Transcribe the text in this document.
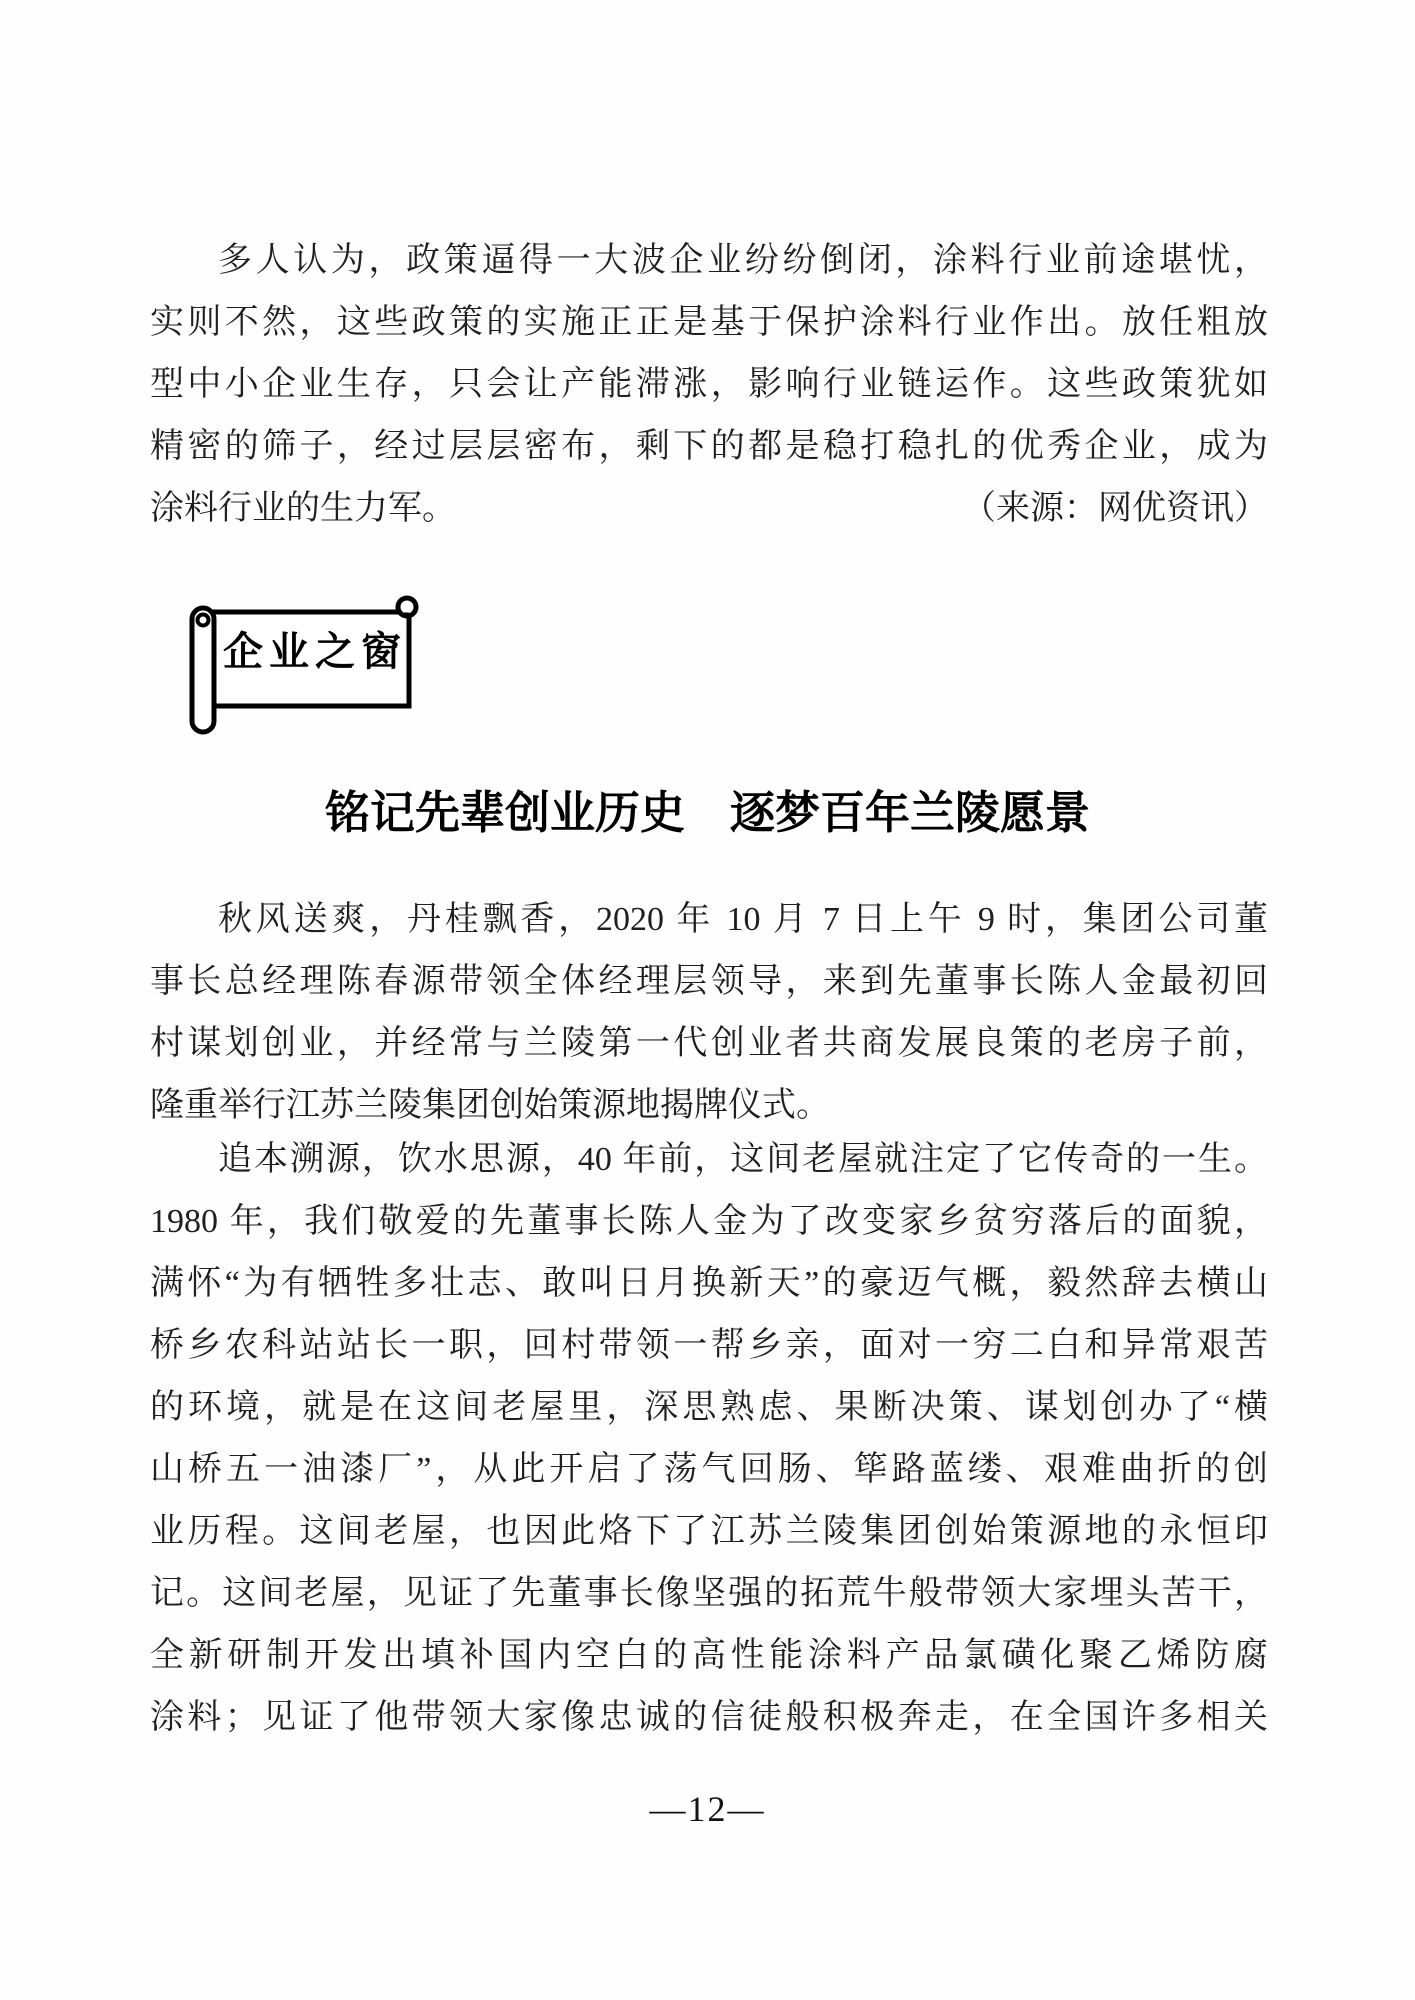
多人认为，政策逼得一大波企业纷纷倒闭，涂料行业前途堪忧，
实则不然，这些政策的实施正正是基于保护涂料行业作出。放任粗放
型中小企业生存，只会让产能滞涨，影响行业链运作。这些政策犹如
精密的筛子，经过层层密布，剩下的都是稳打稳扎的优秀企业，成为
涂料行业的生力军。	（来源：网优资讯）
企业之窗
铭记先辈创业历史　逐梦百年兰陵愿景
秋风送爽，丹桂飘香，2020 年 10 月 7 日上午 9 时，集团公司董
事长总经理陈春源带领全体经理层领导，来到先董事长陈人金最初回
村谋划创业，并经常与兰陵第一代创业者共商发展良策的老房子前，
隆重举行江苏兰陵集团创始策源地揭牌仪式。
追本溯源，饮水思源，40 年前，这间老屋就注定了它传奇的一生。
1980 年，我们敬爱的先董事长陈人金为了改变家乡贫穷落后的面貌，
满怀“为有牺牲多壮志、敢叫日月换新天”的豪迈气概，毅然辞去横山
桥乡农科站站长一职，回村带领一帮乡亲，面对一穷二白和异常艰苦
的环境，就是在这间老屋里，深思熟虑、果断决策、谋划创办了“横
山桥五一油漆厂”，从此开启了荡气回肠、筚路蓝缕、艰难曲折的创
业历程。这间老屋，也因此烙下了江苏兰陵集团创始策源地的永恒印
记。这间老屋，见证了先董事长像坚强的拓荒牛般带领大家埋头苦干，
全新研制开发出填补国内空白的高性能涂料产品氯磺化聚乙烯防腐
涂料；见证了他带领大家像忠诚的信徒般积极奔走，在全国许多相关
—12—
